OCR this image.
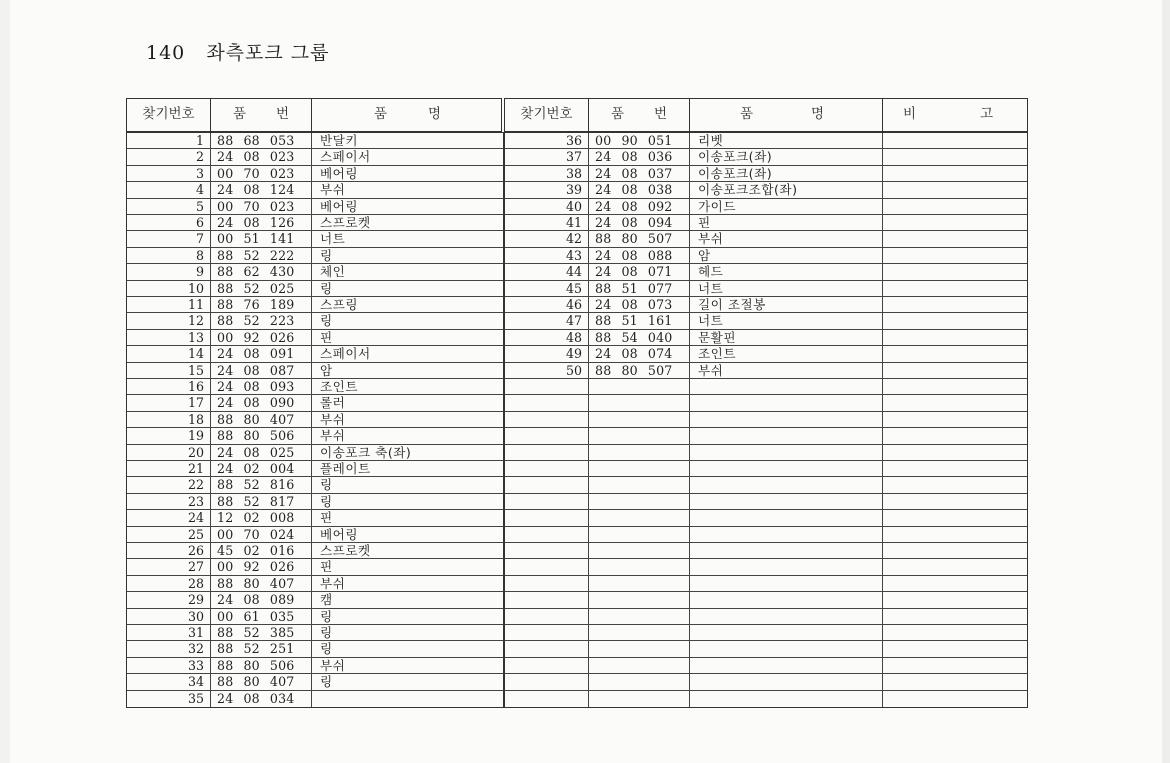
140 좌측포크 그룹
찾기번호	품 번	품	명	찾기번호	품 번	품	명	비	고
1	88 68 053	반달키
2	24 08 023	스페이서
3	00 70 023	베어링
4	24 08 124	부쉬
5	00 70 023	베어링
6	24 08 126	스프로켓
7	00 51 141	너트
8	88 52 222	링
9	88 62 430	체인
10	88 52 025	링
11	88 76 189	스프링
12	88 52 223	링
13	00 92 026	핀
14	24 08 091	스페이서
15	24 08 087	암
16	24 08 093	조인트
17	24 08 090	롤러
18	88 80 407	부쉬
19	88 80 506	부쉬
20	24 08 025	이송포크 축(좌)
21	24 02 004	플레이트
22	88 52 816	링
23	88 52 817	링
24	12 02 008	핀
25	00 70 024	베어링
26	45 02 016	스프로켓
27	00 92 026	핀
28	88 80 407	부쉬
29	24 08 089	캠
30	00 61 035	링
31	88 52 385	링
32	88 52 251	링
33	88 80 506	부쉬
34	88 80 407	링
35	24 08 034
36	00 90 051	리벳
37	24 08 036	이송포크(좌)
38	24 08 037	이송포크(좌)
39	24 08 038	이송포크조합(좌)
40	24 08 092	가이드
41	24 08 094	핀
42	88 80 507	부쉬
43	24 08 088	암
44	24 08 071	헤드
45	88 51 077	너트
46	24 08 073	길이 조절봉
47	88 51 161	너트
48	88 54 040	문활핀
49	24 08 074	조인트
50	88 80 507	부쉬
